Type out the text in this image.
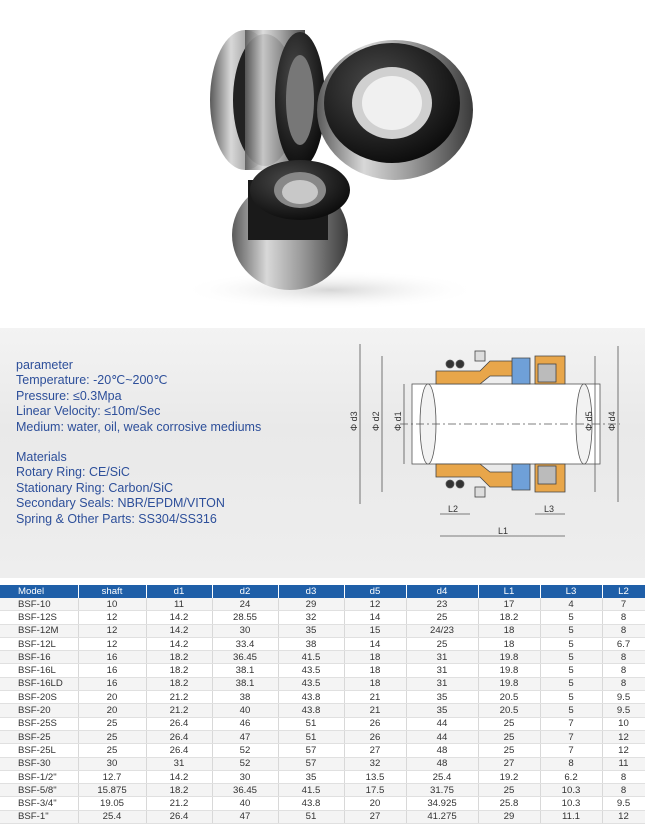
parameter
Temperature: -20℃~200℃
Pressure: ≤0.3Mpa
Linear Velocity: ≤10m/Sec
Medium: water, oil, weak corrosive mediums
Materials
Rotary Ring: CE/SiC
Stationary Ring: Carbon/SiC
Secondary Seals: NBR/EPDM/VITON
Spring & Other Parts: SS304/SS316
Φ d3 Φ d2 Φ d1	Φ d5 Φ d4
L2	L3
L1
Model	shaft	d1	d2	d3	d5	d4	L1	L3	L2
BSF-10	10	11	24	29	12	23	17	4	7
BSF-12S	12	14.2	28.55	32	14	25	18.2	5	8
BSF-12M	12	14.2	30	35	15	24/23	18	5	8
BSF-12L	12	14.2	33.4	38	14	25	18	5	6.7
BSF-16	16	18.2	36.45	41.5	18	31	19.8	5	8
BSF-16L	16	18.2	38.1	43.5	18	31	19.8	5	8
BSF-16LD	16	18.2	38.1	43.5	18	31	19.8	5	8
BSF-20S	20	21.2	38	43.8	21	35	20.5	5	9.5
BSF-20	20	21.2	40	43.8	21	35	20.5	5	9.5
BSF-25S	25	26.4	46	51	26	44	25	7	10
BSF-25	25	26.4	47	51	26	44	25	7	12
BSF-25L	25	26.4	52	57	27	48	25	7	12
BSF-30	30	31	52	57	32	48	27	8	11
BSF-1/2"	12.7	14.2	30	35	13.5	25.4	19.2	6.2	8
BSF-5/8"	15.875	18.2	36.45	41.5	17.5	31.75	25	10.3	8
BSF-3/4"	19.05	21.2	40	43.8	20	34.925	25.8	10.3	9.5
BSF-1"	25.4	26.4	47	51	27	41.275	29	11.1	12
